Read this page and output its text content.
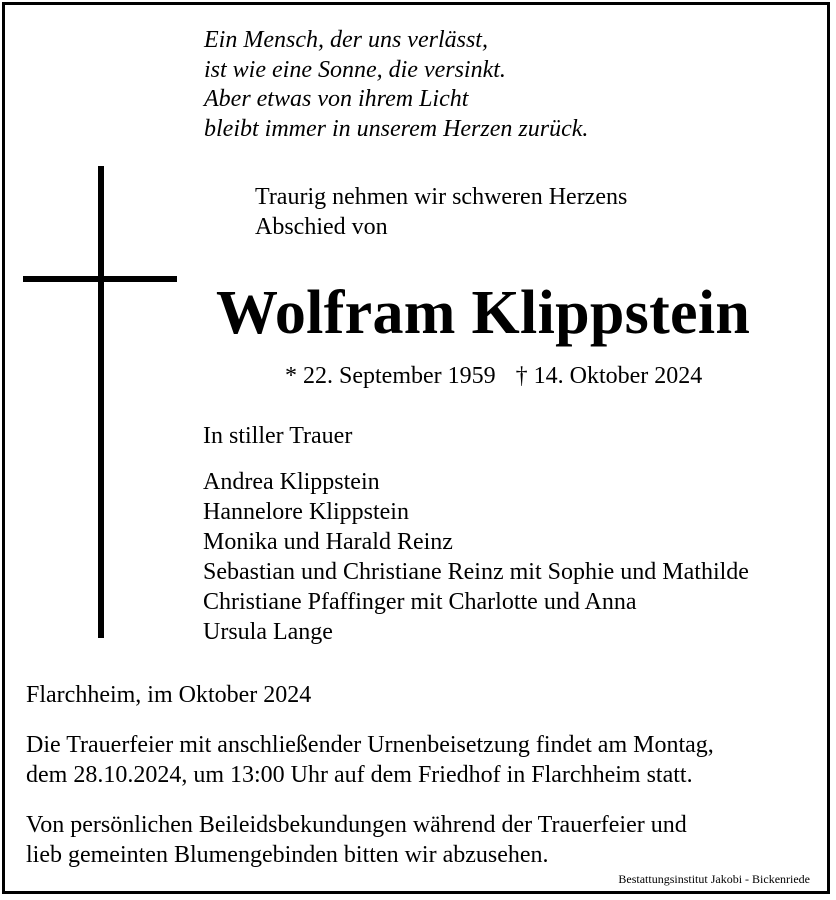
Ein Mensch, der uns verlässt,
ist wie eine Sonne, die versinkt.
Aber etwas von ihrem Licht
bleibt immer in unserem Herzen zurück.
Traurig nehmen wir schweren Herzens
Abschied von
Wolfram Klippstein
* 22. September 1959 † 14. Oktober 2024
In stiller Trauer
Andrea Klippstein
Hannelore Klippstein
Monika und Harald Reinz
Sebastian und Christiane Reinz mit Sophie und Mathilde
Christiane Pfaffinger mit Charlotte und Anna
Ursula Lange
Flarchheim, im Oktober 2024
Die Trauerfeier mit anschließender Urnenbeisetzung findet am Montag,
dem 28.10.2024, um 13:00 Uhr auf dem Friedhof in Flarchheim statt.
Von persönlichen Beileidsbekundungen während der Trauerfeier und
lieb gemeinten Blumengebinden bitten wir abzusehen.
Bestattungsinstitut Jakobi - Bickenriede
